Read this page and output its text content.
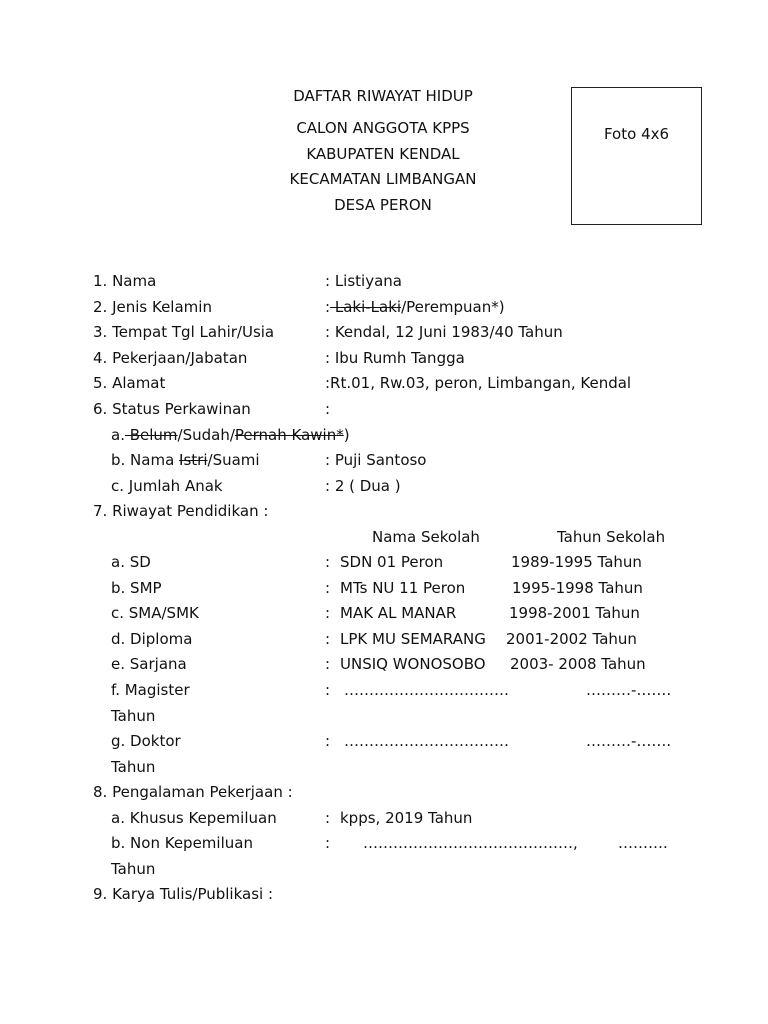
DAFTAR RIWAYAT HIDUP
CALON ANGGOTA KPPS
KABUPATEN KENDAL
KECAMATAN LIMBANGAN
DESA PERON
Foto 4x6
1. Nama	: Listiyana
2. Jenis Kelamin	: Laki-Laki/Perempuan*)
3. Tempat Tgl Lahir/Usia	: Kendal, 12 Juni 1983/40 Tahun
4. Pekerjaan/Jabatan	: Ibu Rumh Tangga
5. Alamat	:Rt.01, Rw.03, peron, Limbangan, Kendal
6. Status Perkawinan	:
a. Belum/Sudah/Pernah Kawin*)
b. Nama Istri/Suami	: Puji Santoso
c. Jumlah Anak	: 2 ( Dua )
7. Riwayat Pendidikan :
Nama Sekolah	Tahun Sekolah
a. SD	: SDN 01 Peron	1989-1995 Tahun
b. SMP	: MTs NU 11 Peron	1995-1998 Tahun
c. SMA/SMK	: MAK AL MANAR	1998-2001 Tahun
d. Diploma	: LPK MU SEMARANG 2001-2002 Tahun
e. Sarjana	: UNSIQ WONOSOBO 2003- 2008 Tahun
f. Magister	: ……………………………	………-…….
Tahun
g. Doktor	: ……………………………	………-…….
Tahun
8. Pengalaman Pekerjaan :
a. Khusus Kepemiluan	: kpps, 2019 Tahun
b. Non Kepemiluan	: ……………………………………,	……….
Tahun
9. Karya Tulis/Publikasi :
